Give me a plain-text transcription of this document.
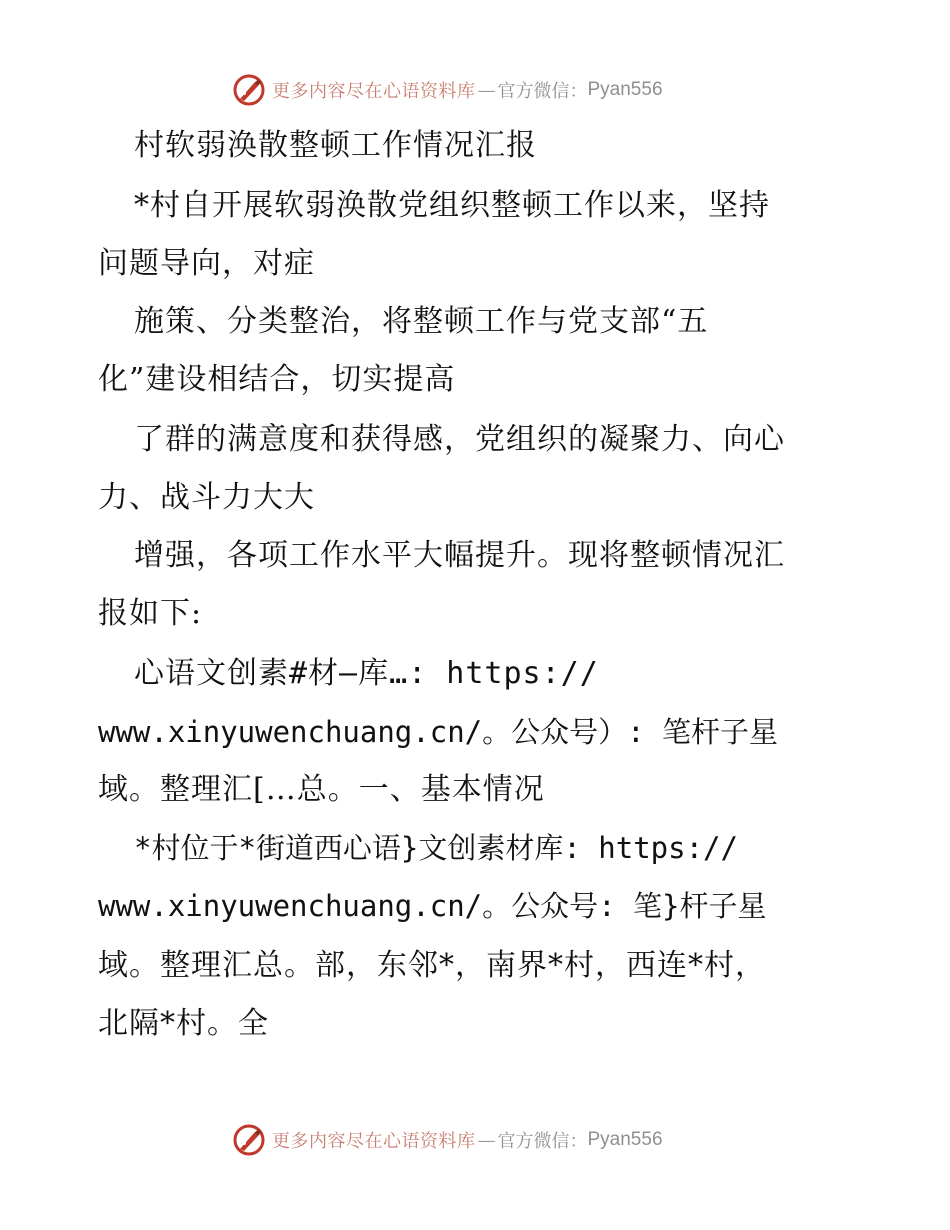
更多内容尽在心语资料库 — 官方微信： Pyan556
村软弱涣散整顿工作情况汇报
*村自开展软弱涣散党组织整顿工作以来，坚持
问题导向，对症
施策、分类整治，将整顿工作与党支部“五
化”建设相结合，切实提高
了群的满意度和获得感，党组织的凝聚力、向心
力、战斗力大大
增强，各项工作水平大幅提升。现将整顿情况汇
报如下:
心语文创素#材—库…: https://
www.xinyuwenchuang.cn/。公众号）: 笔杆子星
域。整理汇[…总。一、基本情况
*村位于*街道西心语}文创素材库: https://
www.xinyuwenchuang.cn/。公众号: 笔}杆子星
域。整理汇总。部，东邻*，南界*村，西连*村，
北隔*村。全
更多内容尽在心语资料库 — 官方微信： Pyan556
